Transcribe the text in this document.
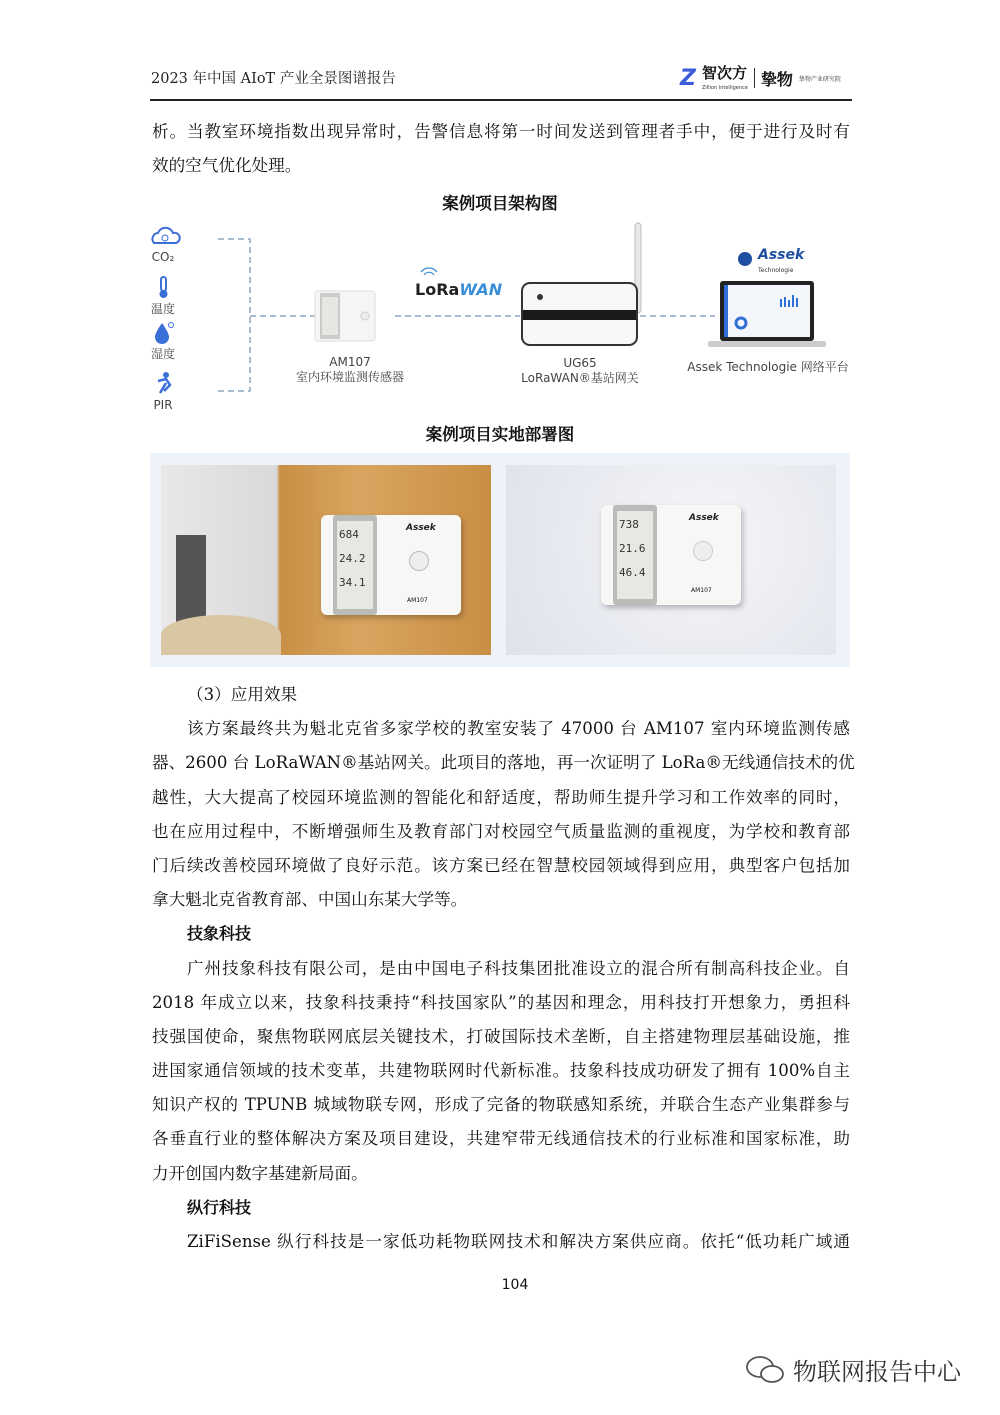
2023 年中国 AIoT 产业全景图谱报告	Z 智次方
Zillion Intelligence 挚物 挚物产业研究院
析。当教室环境指数出现异常时，告警信息将第一时间发送到管理者手中，便于进行及时有
效的空气优化处理。
案例项目架构图
LoRaWAN
Assek
Technologie
CO₂
温度
湿度
PIR
AM107
室内环境监测传感器
UG65
LoRaWAN®基站网关
Assek Technologie 网络平台
案例项目实地部署图
684
24.2
34.1
Assek
AM107
738
21.6
46.4
Assek
AM107
（3）应用效果
该方案最终共为魁北克省多家学校的教室安装了 47000 台 AM107 室内环境监测传感
器、2600 台 LoRaWAN®基站网关。此项目的落地，再一次证明了 LoRa®无线通信技术的优
越性，大大提高了校园环境监测的智能化和舒适度，帮助师生提升学习和工作效率的同时，
也在应用过程中，不断增强师生及教育部门对校园空气质量监测的重视度，为学校和教育部
门后续改善校园环境做了良好示范。该方案已经在智慧校园领域得到应用，典型客户包括加
拿大魁北克省教育部、中国山东某大学等。
技象科技
广州技象科技有限公司，是由中国电子科技集团批准设立的混合所有制高科技企业。自
2018 年成立以来，技象科技秉持“科技国家队”的基因和理念，用科技打开想象力，勇担科
技强国使命，聚焦物联网底层关键技术，打破国际技术垄断，自主搭建物理层基础设施，推
进国家通信领域的技术变革，共建物联网时代新标准。技象科技成功研发了拥有 100%自主
知识产权的 TPUNB 城域物联专网，形成了完备的物联感知系统，并联合生态产业集群参与
各垂直行业的整体解决方案及项目建设，共建窄带无线通信技术的行业标准和国家标准，助
力开创国内数字基建新局面。
纵行科技
ZiFiSense 纵行科技是一家低功耗物联网技术和解决方案供应商。依托“低功耗广域通
104
物联网报告中心
